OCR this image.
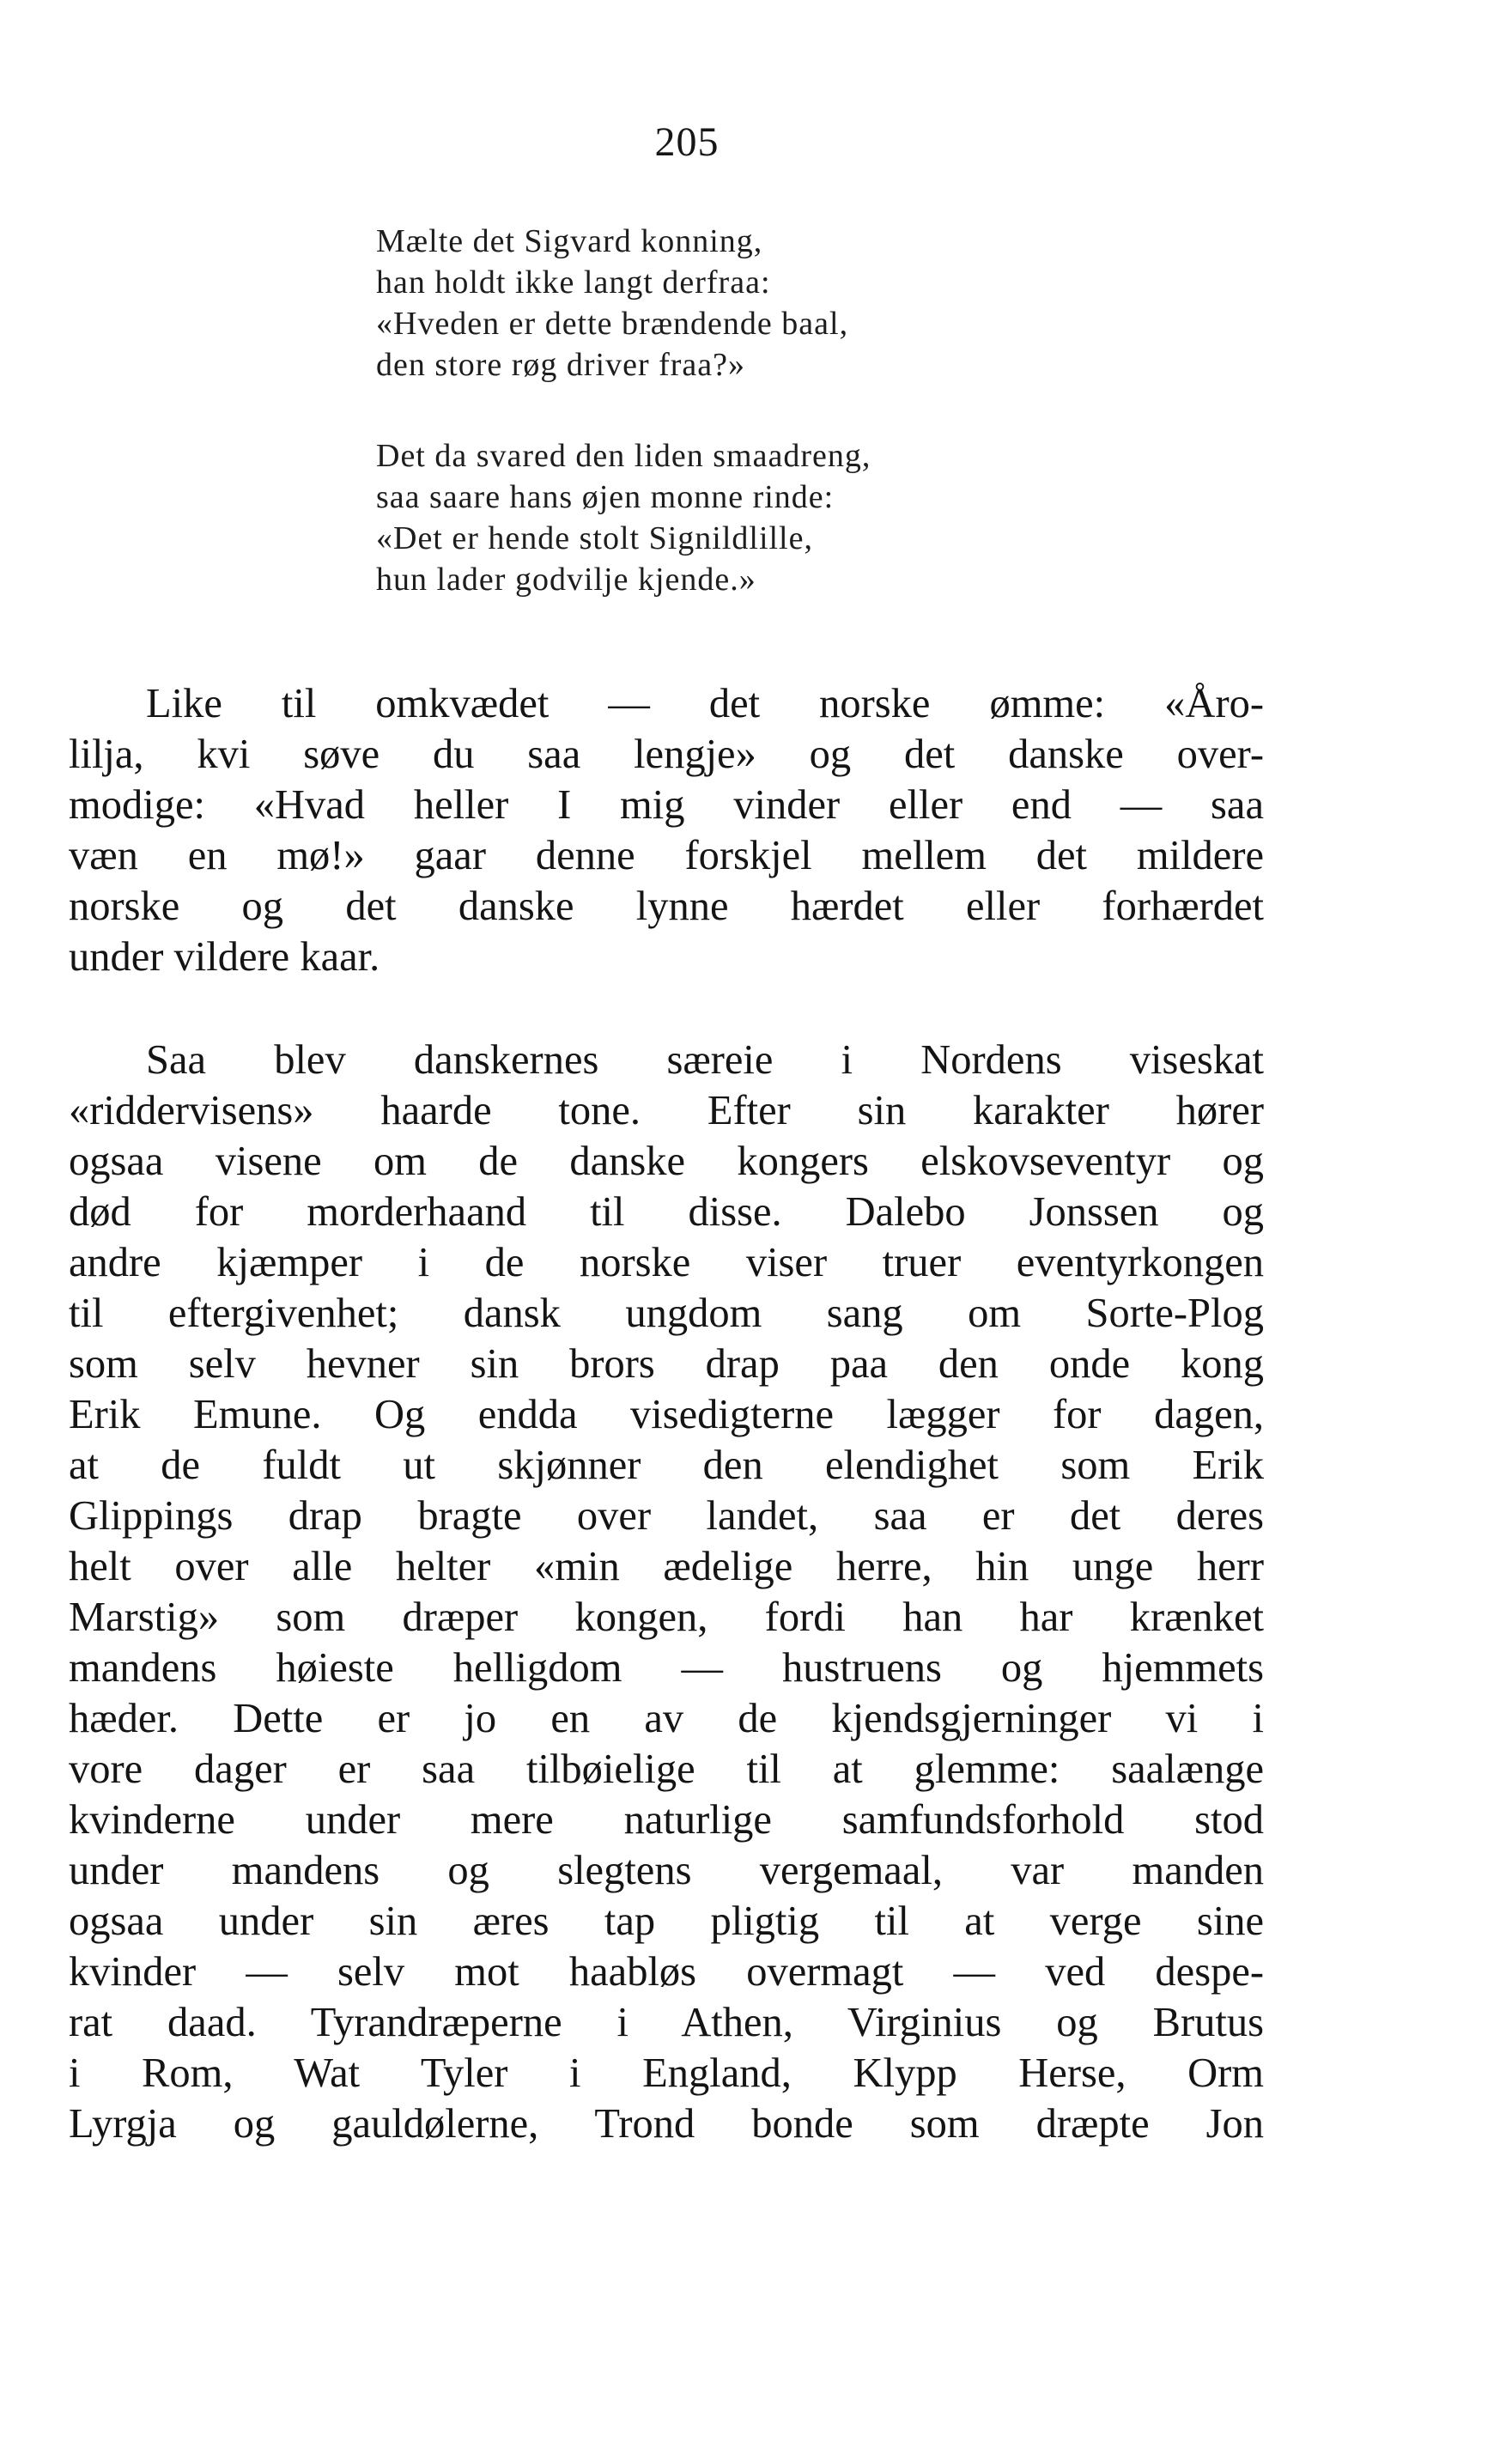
205
Mælte det Sigvard konning,
han holdt ikke langt derfraa:
«Hveden er dette brændende baal,
den store røg driver fraa?»
Det da svared den liden smaadreng,
saa saare hans øjen monne rinde:
«Det er hende stolt Signildlille,
hun lader godvilje kjende.»
Like til omkvædet — det norske ømme: «Åro-
lilja, kvi søve du saa lengje» og det danske over-
modige: «Hvad heller I mig vinder eller end — saa
væn en mø!» gaar denne forskjel mellem det mildere
norske og det danske lynne hærdet eller forhærdet
under vildere kaar.
Saa blev danskernes særeie i Nordens viseskat
«riddervisens» haarde tone. Efter sin karakter hører
ogsaa visene om de danske kongers elskovseventyr og
død for morderhaand til disse. Dalebo Jonssen og
andre kjæmper i de norske viser truer eventyrkongen
til eftergivenhet; dansk ungdom sang om Sorte-Plog
som selv hevner sin brors drap paa den onde kong
Erik Emune. Og endda visedigterne lægger for dagen,
at de fuldt ut skjønner den elendighet som Erik
Glippings drap bragte over landet, saa er det deres
helt over alle helter «min ædelige herre, hin unge herr
Marstig» som dræper kongen, fordi han har krænket
mandens høieste helligdom — hustruens og hjemmets
hæder. Dette er jo en av de kjendsgjerninger vi i
vore dager er saa tilbøielige til at glemme: saalænge
kvinderne under mere naturlige samfundsforhold stod
under mandens og slegtens vergemaal, var manden
ogsaa under sin æres tap pligtig til at verge sine
kvinder — selv mot haabløs overmagt — ved despe-
rat daad. Tyrandræperne i Athen, Virginius og Brutus
i Rom, Wat Tyler i England, Klypp Herse, Orm
Lyrgja og gauldølerne, Trond bonde som dræpte Jon
